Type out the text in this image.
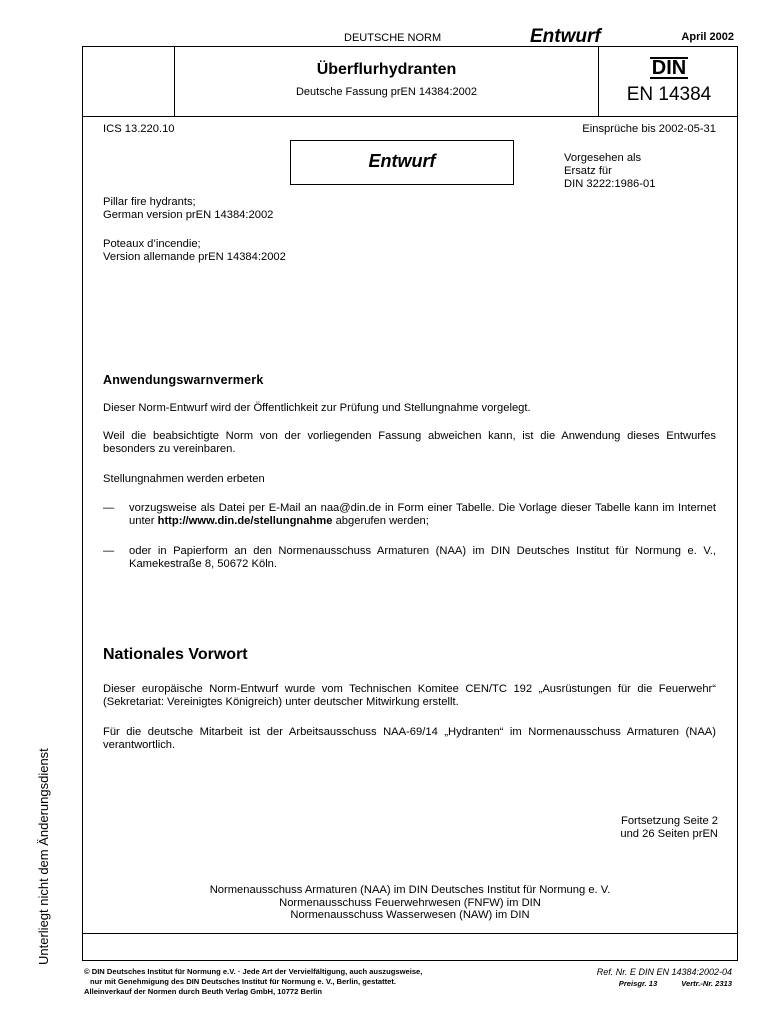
DEUTSCHE NORM	Entwurf	April 2002
Überflurhydranten
Deutsche Fassung prEN 14384:2002
DIN
EN 14384
ICS 13.220.10	Einsprüche bis 2002-05-31
Entwurf	Vorgesehen als
Ersatz für
DIN 3222:1986-01
Pillar fire hydrants;
German version prEN 14384:2002
Poteaux d’incendie;
Version allemande prEN 14384:2002
Anwendungswarnvermerk
Dieser Norm-Entwurf wird der Öffentlichkeit zur Prüfung und Stellungnahme vorgelegt.
Weil die beabsichtigte Norm von der vorliegenden Fassung abweichen kann, ist die Anwendung dieses Entwurfes besonders zu vereinbaren.
Stellungnahmen werden erbeten
— vorzugsweise als Datei per E-Mail an naa@din.de in Form einer Tabelle. Die Vorlage dieser Tabelle kann im Internet unter http://www.din.de/stellungnahme abgerufen werden;
— oder in Papierform an den Normenausschuss Armaturen (NAA) im DIN Deutsches Institut für Normung e. V., Kamekestraße 8, 50672 Köln.
Nationales Vorwort
Dieser europäische Norm-Entwurf wurde vom Technischen Komitee CEN/TC 192 „Ausrüstungen für die Feuerwehr“ (Sekretariat: Vereinigtes Königreich) unter deutscher Mitwirkung erstellt.
Für die deutsche Mitarbeit ist der Arbeitsausschuss NAA-69/14 „Hydranten“ im Normenausschuss Armaturen (NAA) verantwortlich.
Fortsetzung Seite 2
und 26 Seiten prEN
Normenausschuss Armaturen (NAA) im DIN Deutsches Institut für Normung e. V.
Normenausschuss Feuerwehrwesen (FNFW) im DIN
Normenausschuss Wasserwesen (NAW) im DIN
Unterliegt nicht dem Änderungsdienst
© DIN Deutsches Institut für Normung e.V. · Jede Art der Vervielfältigung, auch auszugsweise,
nur mit Genehmigung des DIN Deutsches Institut für Normung e. V., Berlin, gestattet.
Alleinverkauf der Normen durch Beuth Verlag GmbH, 10772 Berlin
Ref. Nr. E DIN EN 14384:2002-04
Preisgr. 13	Vertr.-Nr. 2313
